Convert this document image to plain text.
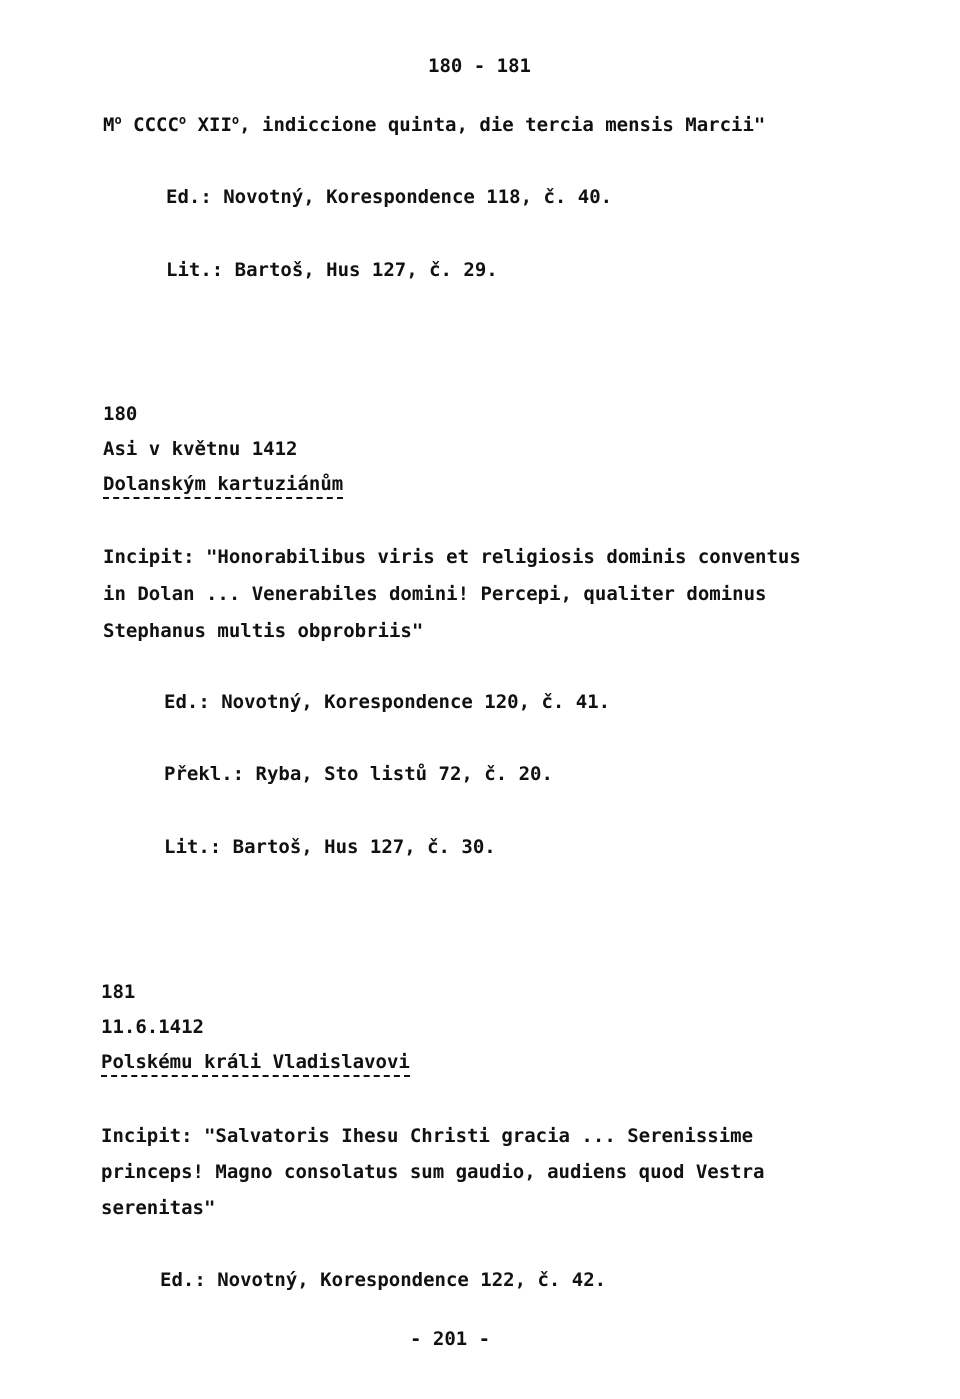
180 - 181
$M^o$ CCCC$^o$ XII$^o$, indiccione quinta, die tercia mensis Marcii"
Ed.: Novotný, Korespondence 118, č. 40.
Lit.: Bartoš, Hus 127, č. 29.
180
Asi v květnu 1412
Dolanským kartuziánům
Incipit: "Honorabilibus viris et religiosis dominis conventus
in Dolan ... Venerabiles domini! Percepi, qualiter dominus
Stephanus multis obprobriis"
Ed.: Novotný, Korespondence 120, č. 41.
Překl.: Ryba, Sto listů 72, č. 20.
Lit.: Bartoš, Hus 127, č. 30.
181
11.6.1412
Polskému králi Vladislavovi
Incipit: "Salvatoris Ihesu Christi gracia ... Serenissime
princeps! Magno consolatus sum gaudio, audiens quod Vestra
serenitas"
Ed.: Novotný, Korespondence 122, č. 42.
- 201 -
